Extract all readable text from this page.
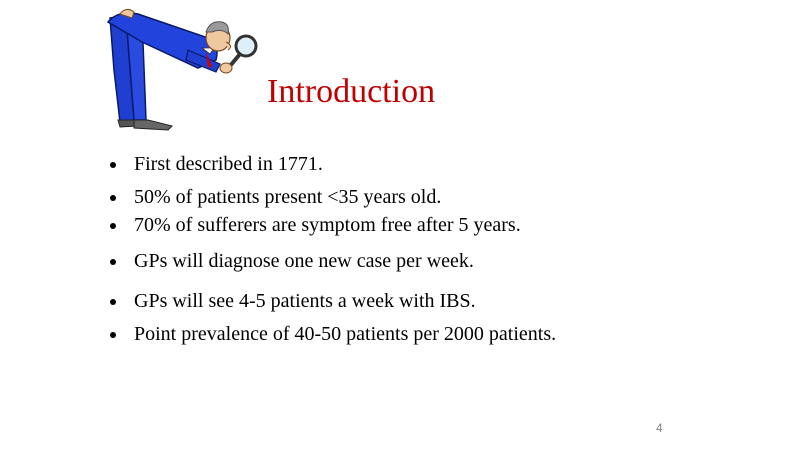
Introduction
First described in 1771.
50% of patients present <35 years old.
70% of sufferers are symptom free after 5 years.
GPs will diagnose one new case per week.
GPs will see 4-5 patients a week with IBS.
Point prevalence of 40-50 patients per 2000 patients.
4
